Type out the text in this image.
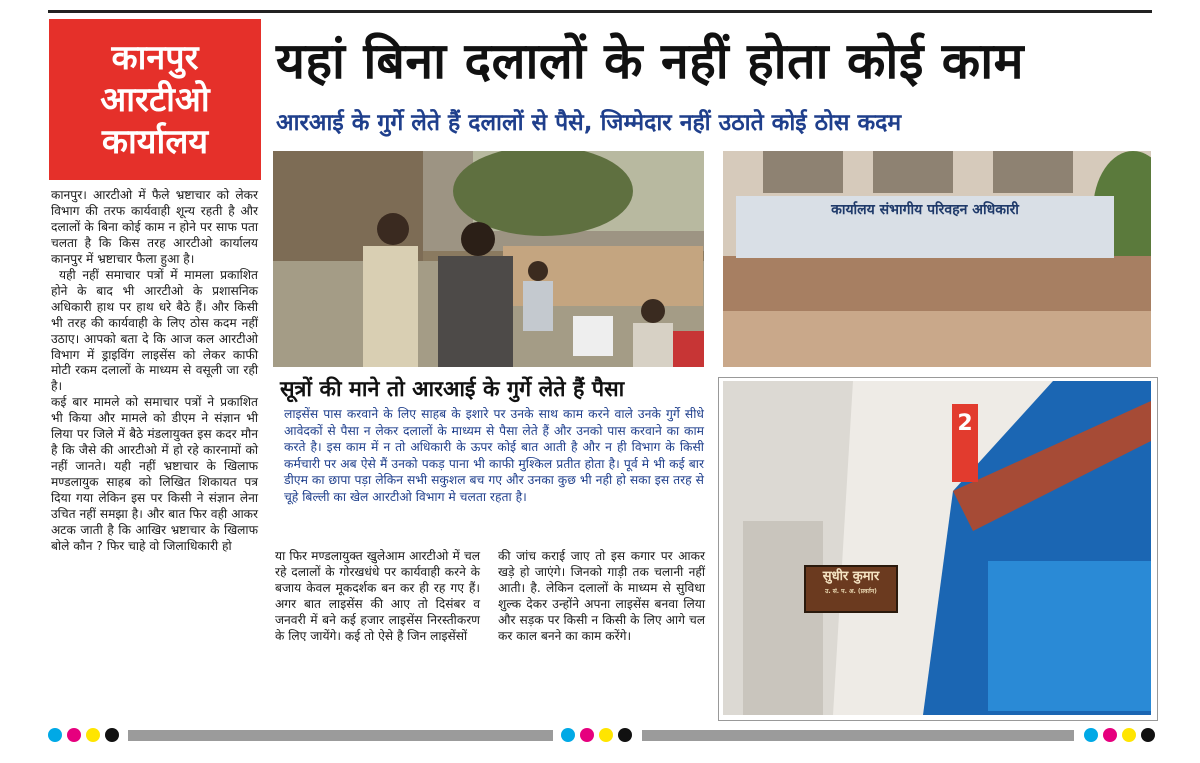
कानपुर
आरटीओ
कार्यालय
यहां बिना दलालों के नहीं होता कोई काम
आरआई के गुर्गे लेते हैं दलालों से पैसे, जिम्मेदार नहीं उठाते कोई ठोस कदम

कानपुर। आरटीओ में फैले भ्रष्टाचार को लेकर विभाग की तरफ कार्यवाही शून्य रहती है और दलालों के बिना कोई काम न होने पर साफ पता चलता है कि किस तरह आरटीओ कार्यालय कानपुर में भ्रष्टाचार फैला हुआ है।

यही नहीं समाचार पत्रों में मामला प्रकाशित होने के बाद भी आरटीओ के प्रशासनिक अधिकारी हाथ पर हाथ धरे बैठे हैं। और किसी भी तरह की कार्यवाही के लिए ठोस कदम नहीं उठाए। आपको बता दे कि आज कल आरटीओ विभाग में ड्राइविंग लाइसेंस को लेकर काफी मोटी रकम दलालों के माध्यम से वसूली जा रही है।

कई बार मामले को समाचार पत्रों ने प्रकाशित भी किया और मामले को डीएम ने संज्ञान भी लिया पर जिले में बैठे मंडलायुक्त इस कदर मौन है कि जैसे की आरटीओ में हो रहे कारनामों को नहीं जानते। यही नहीं भ्रष्टाचार के खिलाफ मण्डलायुक साहब को लिखित शिकायत पत्र दिया गया लेकिन इस पर किसी ने संज्ञान लेना उचित नहीं समझा है। और बात फिर वही आकर अटक जाती है कि आखिर भ्रष्टाचार के खिलाफ बोले कौन ? फिर चाहे वो जिलाधिकारी हो

कार्यालय संभागीय परिवहन अधिकारी
सुधीर कुमार
उ. सं. प. अ. (प्रवर्तन)
2
सूत्रों की माने तो आरआई के गुर्गे लेते हैं पैसा
लाइसेंस पास करवाने के लिए साहब के इशारे पर उनके साथ काम करने वाले उनके गुर्गे सीधे आवेदकों से पैसा न लेकर दलालों के माध्यम से पैसा लेते हैं और उनको पास करवाने का काम करते है। इस काम में न तो अधिकारी के ऊपर कोई बात आती है और न ही विभाग के किसी कर्मचारी पर अब ऐसे मैं उनको पकड़ पाना भी काफी मुश्किल प्रतीत होता है। पूर्व मे भी कई बार डीएम का छापा पड़ा लेकिन सभी सकुशल बच गए और उनका कुछ भी नही हो सका इस तरह से चूहे बिल्ली का खेल आरटीओ विभाग मे चलता रहता है।
या फिर मण्डलायुक्त खुलेआम आरटीओ में चल रहे दलालों के गोरखधंधे पर कार्यवाही करने के बजाय केवल मूकदर्शक बन कर ही रह गए हैं। अगर बात लाइसेंस की आए तो दिसंबर व जनवरी में बने कई हजार लाइसेंस निरस्तीकरण के लिए जायेंगे। कई तो ऐसे है जिन लाइसेंसों
की जांच कराई जाए तो इस कगार पर आकर खड़े हो जाएंगे। जिनको गाड़ी तक चलानी नहीं आती। है. लेकिन दलालों के माध्यम से सुविधा शुल्क देकर उन्होंने अपना लाइसेंस बनवा लिया और सड़क पर किसी न किसी के लिए आगे चल कर काल बनने का काम करेंगे।
